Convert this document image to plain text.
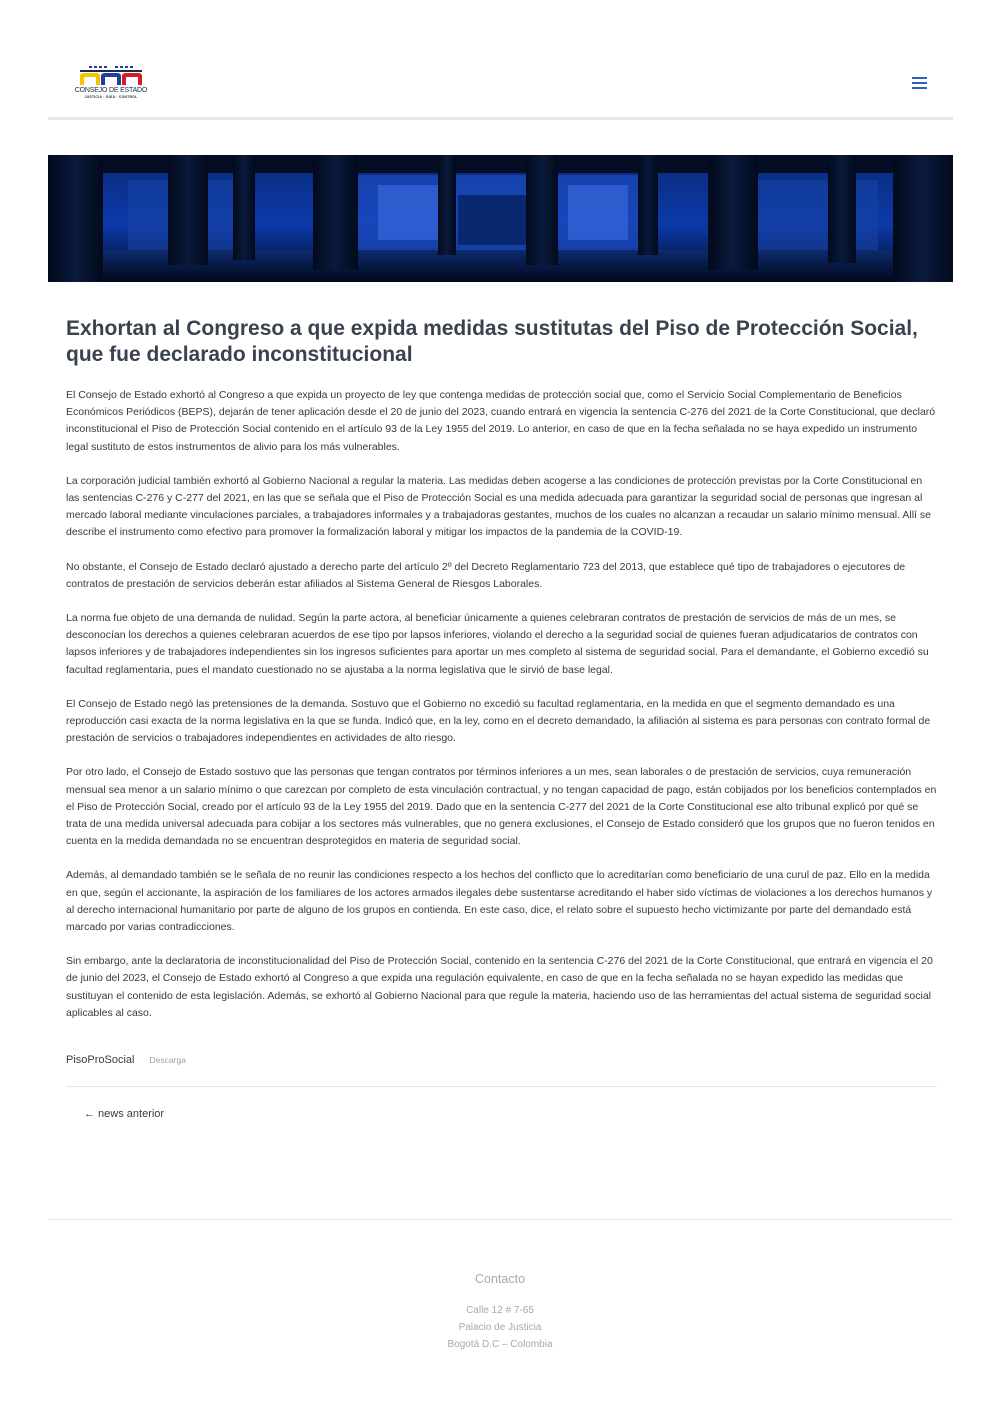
CONSEJO DE ESTADO
JUSTICIA · GUÍA · CONTROL
Exhortan al Congreso a que expida medidas sustitutas del Piso de Protección Social, que fue declarado inconstitucional

El Consejo de Estado exhortó al Congreso a que expida un proyecto de ley que contenga medidas de protección social que, como el Servicio Social Complementario de Beneficios Económicos Periódicos (BEPS), dejarán de tener aplicación desde el 20 de junio del 2023, cuando entrará en vigencia la sentencia C-276 del 2021 de la Corte Constitucional, que declaró inconstitucional el Piso de Protección Social contenido en el artículo 93 de la Ley 1955 del 2019. Lo anterior, en caso de que en la fecha señalada no se haya expedido un instrumento legal sustituto de estos instrumentos de alivio para los más vulnerables.

La corporación judicial también exhortó al Gobierno Nacional a regular la materia. Las medidas deben acogerse a las condiciones de protección previstas por la Corte Constitucional en las sentencias C-276 y C-277 del 2021, en las que se señala que el Piso de Protección Social es una medida adecuada para garantizar la seguridad social de personas que ingresan al mercado laboral mediante vinculaciones parciales, a trabajadores informales y a trabajadoras gestantes, muchos de los cuales no alcanzan a recaudar un salario mínimo mensual. Allí se describe el instrumento como efectivo para promover la formalización laboral y mitigar los impactos de la pandemia de la COVID-19.

No obstante, el Consejo de Estado declaró ajustado a derecho parte del artículo 2º del Decreto Reglamentario 723 del 2013, que establece qué tipo de trabajadores o ejecutores de contratos de prestación de servicios deberán estar afiliados al Sistema General de Riesgos Laborales.

La norma fue objeto de una demanda de nulidad. Según la parte actora, al beneficiar únicamente a quienes celebraran contratos de prestación de servicios de más de un mes, se desconocían los derechos a quienes celebraran acuerdos de ese tipo por lapsos inferiores, violando el derecho a la seguridad social de quienes fueran adjudicatarios de contratos con lapsos inferiores y de trabajadores independientes sin los ingresos suficientes para aportar un mes completo al sistema de seguridad social. Para el demandante, el Gobierno excedió su facultad reglamentaria, pues el mandato cuestionado no se ajustaba a la norma legislativa que le sirvió de base legal.

El Consejo de Estado negó las pretensiones de la demanda. Sostuvo que el Gobierno no excedió su facultad reglamentaria, en la medida en que el segmento demandado es una reproducción casi exacta de la norma legislativa en la que se funda. Indicó que, en la ley, como en el decreto demandado, la afiliación al sistema es para personas con contrato formal de prestación de servicios o trabajadores independientes en actividades de alto riesgo.

Por otro lado, el Consejo de Estado sostuvo que las personas que tengan contratos por términos inferiores a un mes, sean laborales o de prestación de servicios, cuya remuneración mensual sea menor a un salario mínimo o que carezcan por completo de esta vinculación contractual, y no tengan capacidad de pago, están cobijados por los beneficios contemplados en el Piso de Protección Social, creado por el artículo 93 de la Ley 1955 del 2019. Dado que en la sentencia C-277 del 2021 de la Corte Constitucional ese alto tribunal explicó por qué se trata de una medida universal adecuada para cobijar a los sectores más vulnerables, que no genera exclusiones, el Consejo de Estado consideró que los grupos que no fueron tenidos en cuenta en la medida demandada no se encuentran desprotegidos en materia de seguridad social.

Además, al demandado también se le señala de no reunir las condiciones respecto a los hechos del conflicto que lo acreditarían como beneficiario de una curul de paz. Ello en la medida en que, según el accionante, la aspiración de los familiares de los actores armados ilegales debe sustentarse acreditando el haber sido víctimas de violaciones a los derechos humanos y al derecho internacional humanitario por parte de alguno de los grupos en contienda. En este caso, dice, el relato sobre el supuesto hecho victimizante por parte del demandado está marcado por varias contradicciones.

Sin embargo, ante la declaratoria de inconstitucionalidad del Piso de Protección Social, contenido en la sentencia C-276 del 2021 de la Corte Constitucional, que entrará en vigencia el 20 de junio del 2023, el Consejo de Estado exhortó al Congreso a que expida una regulación equivalente, en caso de que en la fecha señalada no se hayan expedido las medidas que sustituyan el contenido de esta legislación. Además, se exhortó al Gobierno Nacional para que regule la materia, haciendo uso de las herramientas del actual sistema de seguridad social aplicables al caso.

PisoProSocial Descarga
← news anterior
Contacto
Calle 12 # 7-65
Palacio de Justicia
Bogotá D.C – Colombia
